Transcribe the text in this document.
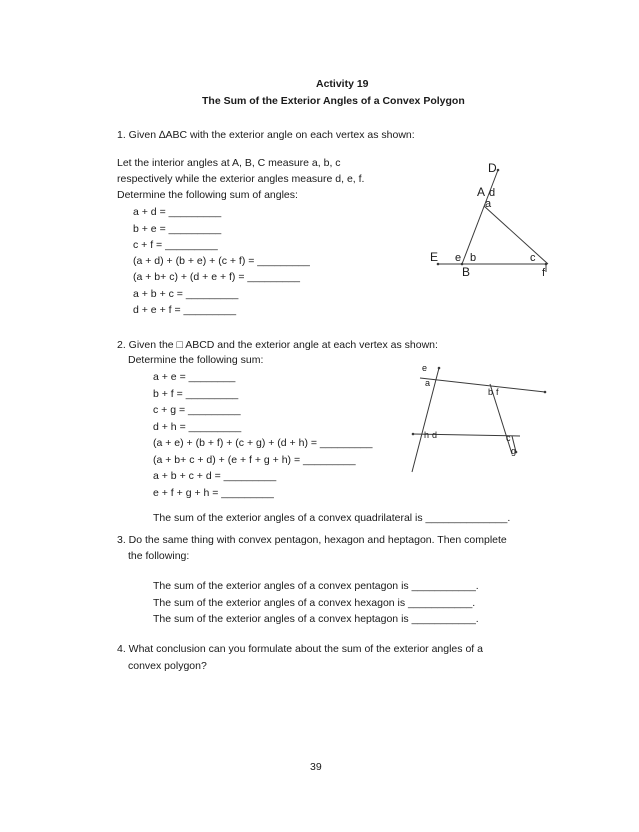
Activity 19
The Sum of the Exterior Angles of a Convex Polygon
1. Given ∆ABC with the exterior angle on each vertex as shown:
Let the interior angles at A, B, C measure a, b, c
respectively while the exterior angles measure d, e, f.
Determine the following sum of angles:
a + d = _________
b + e = _________
c + f = _________
(a + d) + (b + e) + (c + f) = _________
(a + b+ c) + (d + e + f) = _________
a + b + c = _________
d + e + f = _________
D
A d
a
E e b
B
c
f
2. Given the □ ABCD and the exterior angle at each vertex as shown:
Determine the following sum:
a + e = ________
b + f = _________
c + g = _________
d + h = _________
(a + e) + (b + f) + (c + g) + (d + h) = _________
(a + b+ c + d) + (e + f + g + h) = _________
a + b + c + d = _________
e + f + g + h = _________
The sum of the exterior angles of a convex quadrilateral is ______________.
e
a
b f
h d	c
g
3. Do the same thing with convex pentagon, hexagon and heptagon. Then complete
the following:
The sum of the exterior angles of a convex pentagon is ___________.
The sum of the exterior angles of a convex hexagon is ___________.
The sum of the exterior angles of a convex heptagon is ___________.
4. What conclusion can you formulate about the sum of the exterior angles of a
convex polygon?
39
